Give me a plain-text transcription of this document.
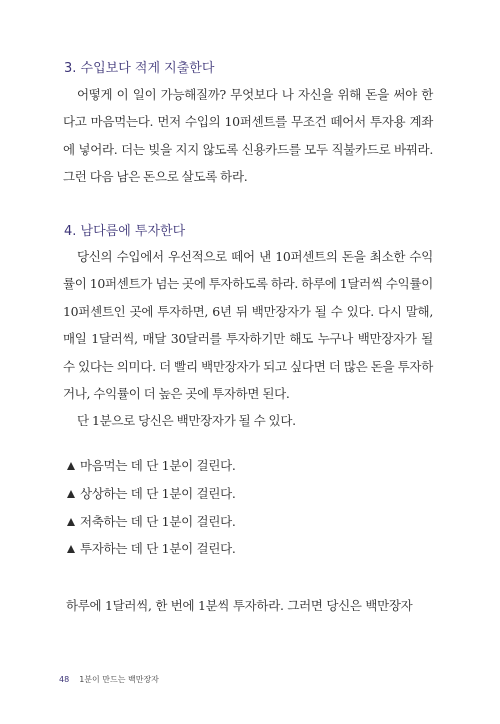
3. 수입보다 적게 지출한다

어떻게 이 일이 가능해질까? 무엇보다 나 자신을 위해 돈을 써야 한다고 마음먹는다. 먼저 수입의 10퍼센트를 무조건 떼어서 투자용 계좌에 넣어라. 더는 빚을 지지 않도록 신용카드를 모두 직불카드로 바꿔라. 그런 다음 남은 돈으로 살도록 하라.

4. 남다름에 투자한다

당신의 수입에서 우선적으로 떼어 낸 10퍼센트의 돈을 최소한 수익률이 10퍼센트가 넘는 곳에 투자하도록 하라. 하루에 1달러씩 수익률이 10퍼센트인 곳에 투자하면, 6년 뒤 백만장자가 될 수 있다. 다시 말해, 매일 1달러씩, 매달 30달러를 투자하기만 해도 누구나 백만장자가 될 수 있다는 의미다. 더 빨리 백만장자가 되고 싶다면 더 많은 돈을 투자하거나, 수익률이 더 높은 곳에 투자하면 된다.

단 1분으로 당신은 백만장자가 될 수 있다.

마음먹는 데 단 1분이 걸린다.
상상하는 데 단 1분이 걸린다.
저축하는 데 단 1분이 걸린다.
투자하는 데 단 1분이 걸린다.
하루에 1달러씩, 한 번에 1분씩 투자하라. 그러면 당신은 백만장자
48 1분이 만드는 백만장자
